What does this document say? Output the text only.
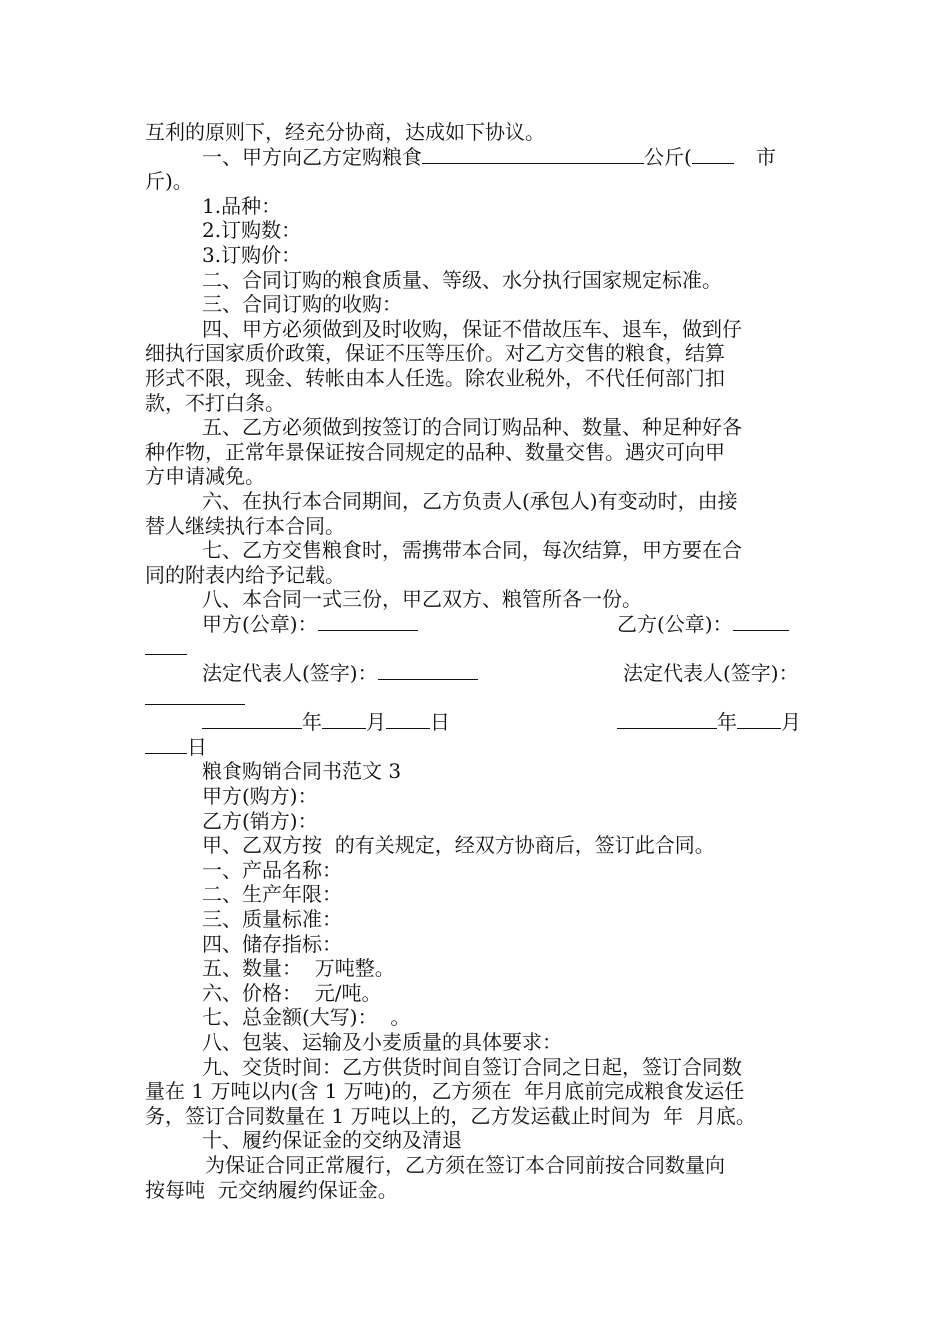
互利的原则下，经充分协商，达成如下协议。
一、甲方向乙方定购粮食	公斤(	市
斤)。
1.品种：
2.订购数：
3.订购价：
二、合同订购的粮食质量、等级、水分执行国家规定标准。
三、合同订购的收购：
四、甲方必须做到及时收购，保证不借故压车、退车，做到仔
细执行国家质价政策，保证不压等压价。对乙方交售的粮食，结算
形式不限，现金、转帐由本人任选。除农业税外，不代任何部门扣
款，不打白条。
五、乙方必须做到按签订的合同订购品种、数量、种足种好各
种作物，正常年景保证按合同规定的品种、数量交售。遇灾可向甲
方申请减免。
六、在执行本合同期间，乙方负责人(承包人)有变动时，由接
替人继续执行本合同。
七、乙方交售粮食时，需携带本合同，每次结算，甲方要在合
同的附表内给予记载。
八、本合同一式三份，甲乙双方、粮管所各一份。

甲方(公章)：

	乙方(公章)：

法定代表人(签字)：

	法定代表人(签字)：

年 月 日

	年 月

日
粮食购销合同书范文 3
甲方(购方)：
乙方(销方)：
甲、乙双方按  的有关规定，经双方协商后，签订此合同。
一、产品名称：
二、生产年限：
三、质量标准：
四、储存指标：
五、数量：  万吨整。
六、价格：  元/吨。
七、总金额(大写)：  。
八、包装、运输及小麦质量的具体要求：
九、交货时间：乙方供货时间自签订合同之日起，签订合同数
量在 1 万吨以内(含 1 万吨)的，乙方须在  年月底前完成粮食发运任
务，签订合同数量在 1 万吨以上的，乙方发运截止时间为  年  月底。
十、履约保证金的交纳及清退
为保证合同正常履行，乙方须在签订本合同前按合同数量向
按每吨  元交纳履约保证金。
